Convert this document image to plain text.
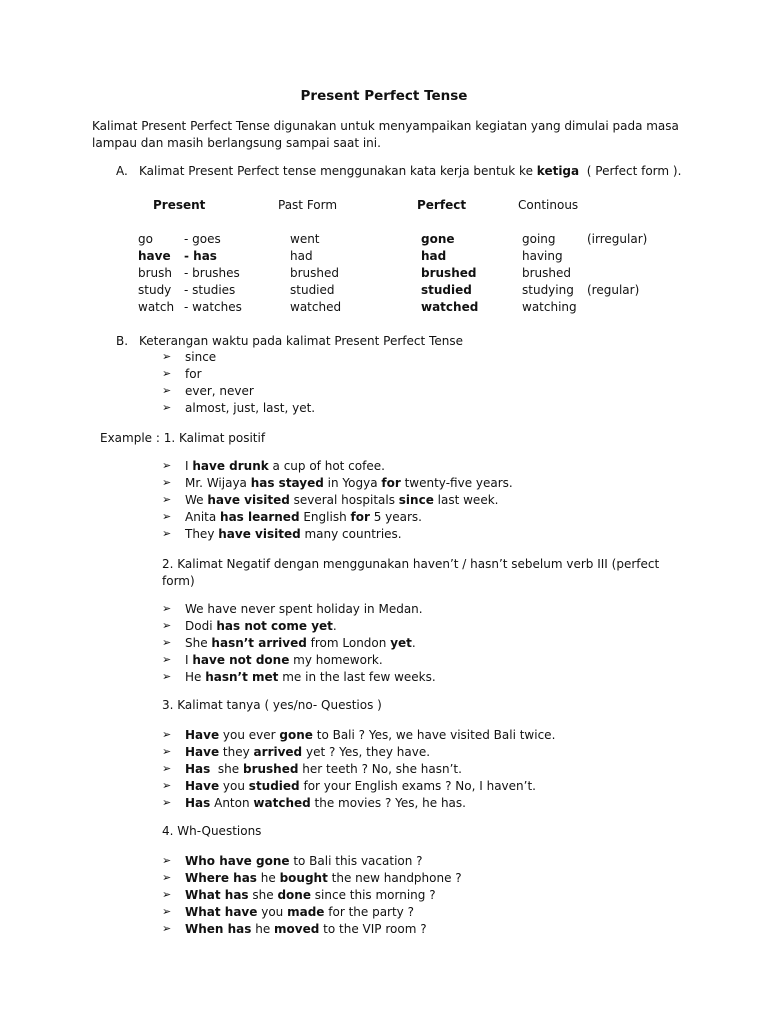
Present Perfect Tense
Kalimat Present Perfect Tense digunakan untuk menyampaikan kegiatan yang dimulai pada masa
lampau dan masih berlangsung sampai saat ini.
A. Kalimat Present Perfect tense menggunakan kata kerja bentuk ke ketiga ( Perfect form ).
Present	Past Form	Perfect	Continous
go	- goes	went	gone	going	(irregular)
have - has	had	had	having
brush - brushes	brushed	brushed	brushed
study - studies	studied	studied	studying (regular)
watch - watches	watched	watched	watching
B. Keterangan waktu pada kalimat Present Perfect Tense
➢ since
➢ for
➢ ever, never
➢ almost, just, last, yet.
Example : 1. Kalimat positif
➢ I have drunk a cup of hot cofee.
➢ Mr. Wijaya has stayed in Yogya for twenty-five years.
➢ We have visited several hospitals since last week.
➢ Anita has learned English for 5 years.
➢ They have visited many countries.
2. Kalimat Negatif dengan menggunakan haven’t / hasn’t sebelum verb III (perfect
form)
➢ We have never spent holiday in Medan.
➢ Dodi has not come yet.
➢ She hasn’t arrived from London yet.
➢ I have not done my homework.
➢ He hasn’t met me in the last few weeks.
3. Kalimat tanya ( yes/no- Questios )
➢ Have you ever gone to Bali ? Yes, we have visited Bali twice.
➢ Have they arrived yet ? Yes, they have.
➢ Has  she brushed her teeth ? No, she hasn’t.
➢ Have you studied for your English exams ? No, I haven’t.
➢ Has Anton watched the movies ? Yes, he has.
4. Wh-Questions
➢ Who have gone to Bali this vacation ?
➢ Where has he bought the new handphone ?
➢ What has she done since this morning ?
➢ What have you made for the party ?
➢ When has he moved to the VIP room ?
